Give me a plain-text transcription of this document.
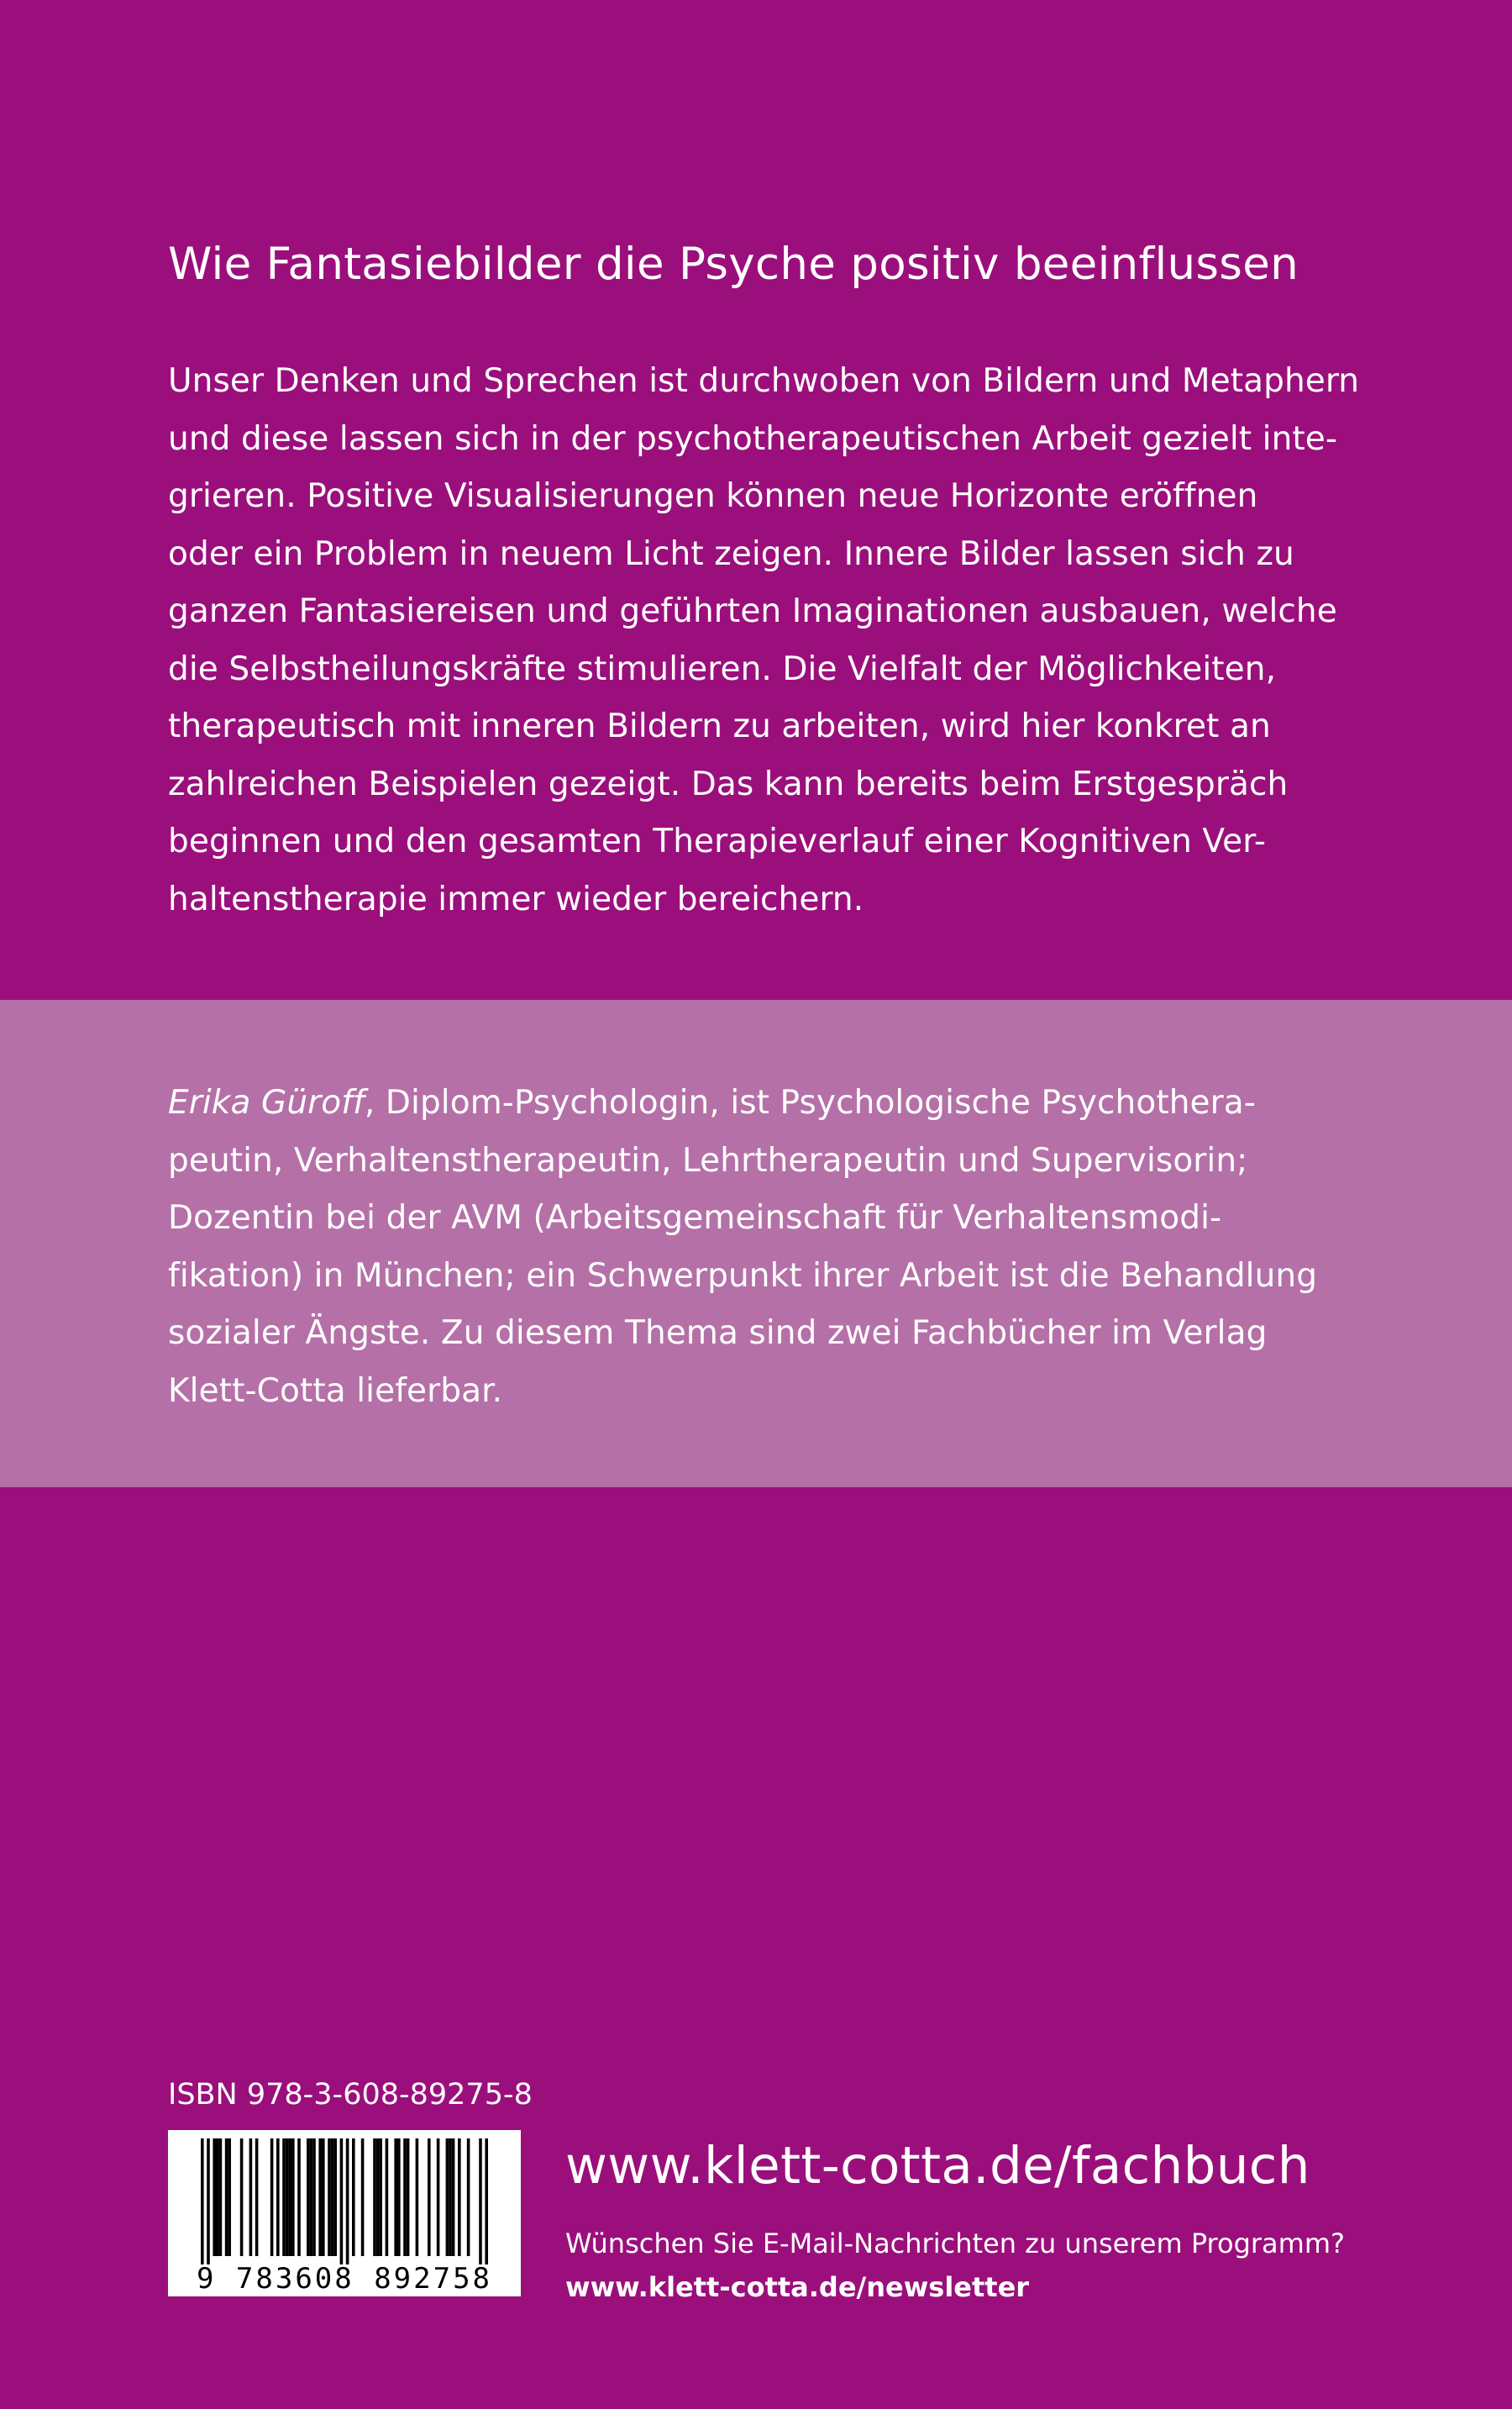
Wie Fantasiebilder die Psyche positiv beeinflussen
Unser Denken und Sprechen ist durchwoben von Bildern und Metaphern
und diese lassen sich in der psychotherapeutischen Arbeit gezielt inte-
grieren. Positive Visualisierungen können neue Horizonte eröffnen
oder ein Problem in neuem Licht zeigen. Innere Bilder lassen sich zu
ganzen Fantasiereisen und geführten Imaginationen ausbauen, welche
die Selbstheilungskräfte stimulieren. Die Vielfalt der Möglichkeiten,
therapeutisch mit inneren Bildern zu arbeiten, wird hier konkret an
zahlreichen Beispielen gezeigt. Das kann bereits beim Erstgespräch
beginnen und den gesamten Therapieverlauf einer Kognitiven Ver-
haltenstherapie immer wieder bereichern.
Erika Güroff, Diplom-Psychologin, ist Psychologische Psychothera-
peutin, Verhaltenstherapeutin, Lehrtherapeutin und Supervisorin;
Dozentin bei der AVM (Arbeitsgemeinschaft für Verhaltensmodi-
fikation) in München; ein Schwerpunkt ihrer Arbeit ist die Behandlung
sozialer Ängste. Zu diesem Thema sind zwei Fachbücher im Verlag
Klett-Cotta lieferbar.
ISBN 978-3-608-89275-8
9 783608 892758
www.klett-cotta.de/fachbuch
Wünschen Sie E-Mail-Nachrichten zu unserem Programm?
www.klett-cotta.de/newsletter
